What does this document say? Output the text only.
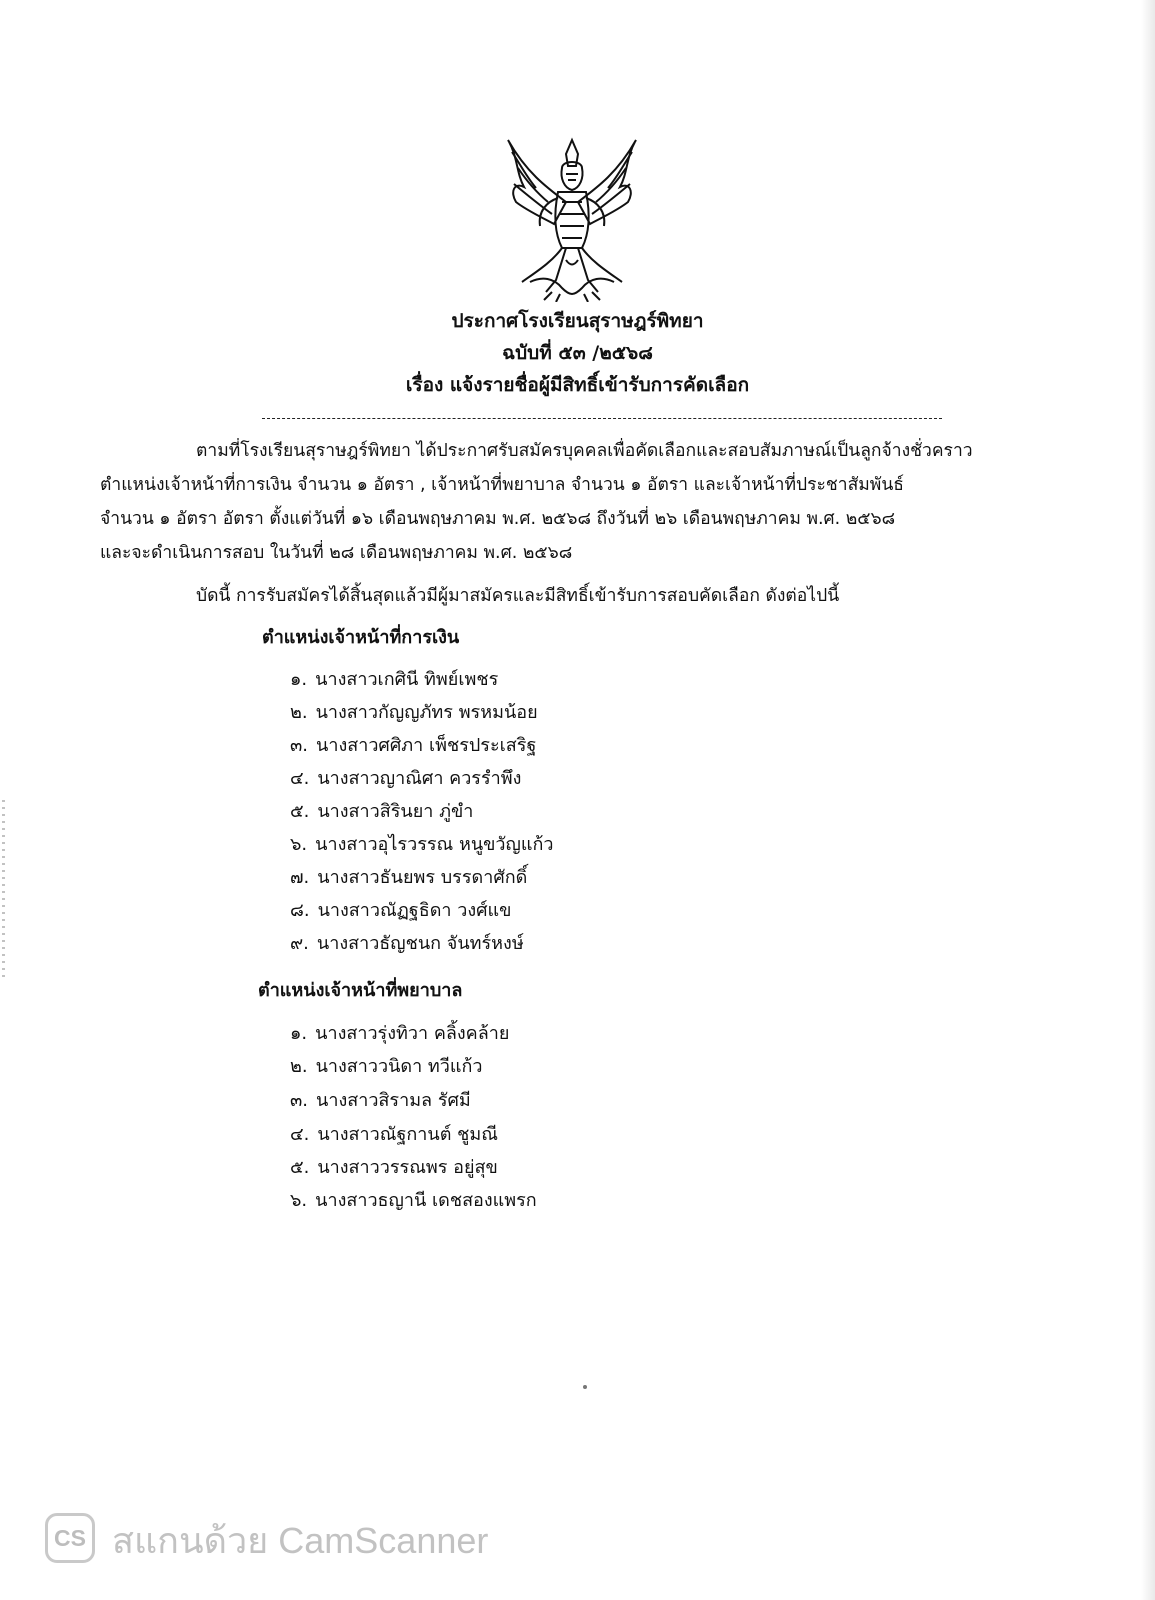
ประกาศโรงเรียนสุราษฎร์พิทยา
ฉบับที่ ๕๓ /๒๕๖๘
เรื่อง แจ้งรายชื่อผู้มีสิทธิ์เข้ารับการคัดเลือก
ตามที่โรงเรียนสุราษฎร์พิทยา ได้ประกาศรับสมัครบุคคลเพื่อคัดเลือกและสอบสัมภาษณ์เป็นลูกจ้างชั่วคราว
ตำแหน่งเจ้าหน้าที่การเงิน จำนวน ๑ อัตรา , เจ้าหน้าที่พยาบาล จำนวน ๑ อัตรา และเจ้าหน้าที่ประชาสัมพันธ์
จำนวน ๑ อัตรา อัตรา ตั้งแต่วันที่ ๑๖ เดือนพฤษภาคม พ.ศ. ๒๕๖๘ ถึงวันที่ ๒๖ เดือนพฤษภาคม พ.ศ. ๒๕๖๘
และจะดำเนินการสอบ ในวันที่ ๒๘ เดือนพฤษภาคม พ.ศ. ๒๕๖๘
บัดนี้ การรับสมัครได้สิ้นสุดแล้วมีผู้มาสมัครและมีสิทธิ์เข้ารับการสอบคัดเลือก ดังต่อไปนี้
ตำแหน่งเจ้าหน้าที่การเงิน
๑. นางสาวเกศินี ทิพย์เพชร
๒. นางสาวกัญญภัทร พรหมน้อย
๓. นางสาวศศิภา เพ็ชรประเสริฐ
๔. นางสาวญาณิศา ควรรำพึง
๕. นางสาวสิรินยา ภู่ขำ
๖. นางสาวอุไรวรรณ หนูขวัญแก้ว
๗. นางสาวธันยพร บรรดาศักดิ์
๘. นางสาวณัฏฐธิดา วงศ์แข
๙. นางสาวธัญชนก จันทร์หงษ์
ตำแหน่งเจ้าหน้าที่พยาบาล
๑. นางสาวรุ่งทิวา คลิ้งคล้าย
๒. นางสาววนิดา ทวีแก้ว
๓. นางสาวสิรามล รัศมี
๔. นางสาวณัฐกานต์ ชูมณี
๕. นางสาววรรณพร อยู่สุข
๖. นางสาวธญานี เดชสองแพรก
CS สแกนด้วย CamScanner
